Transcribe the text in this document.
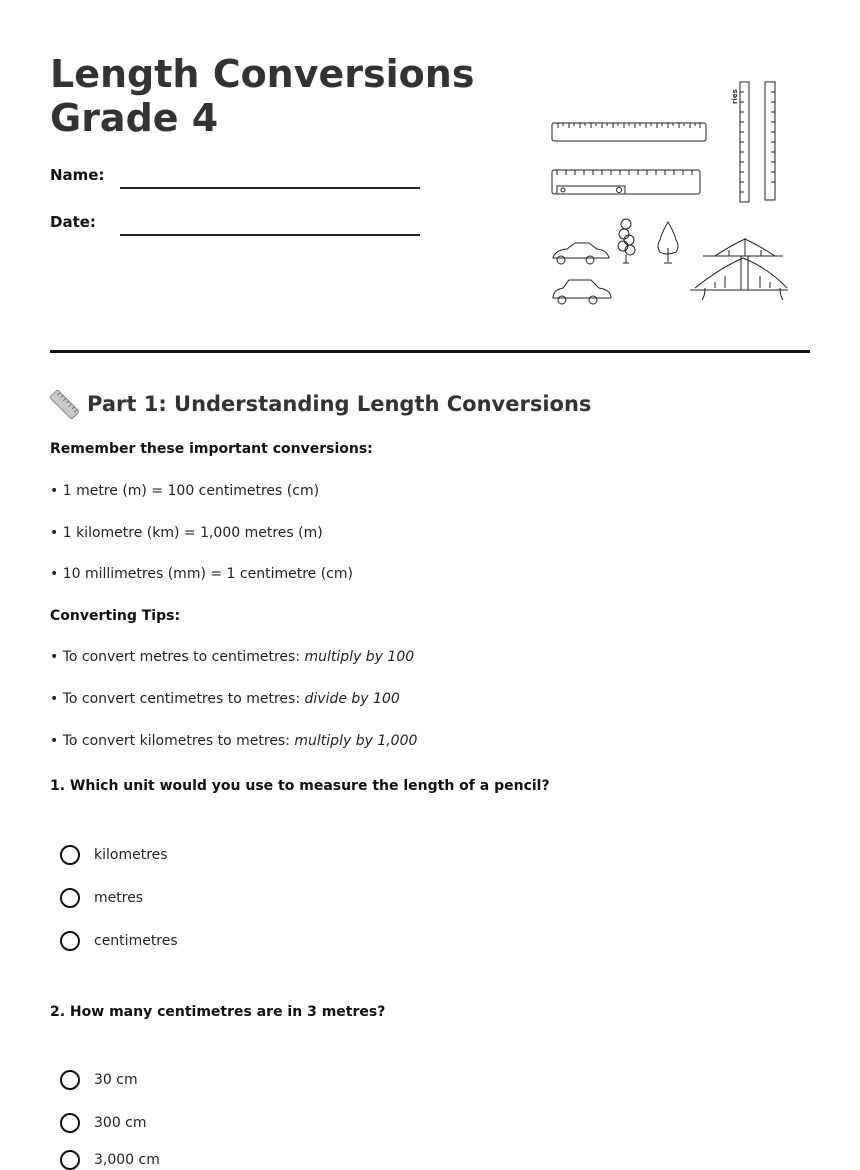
Length Conversions
Grade 4
Name:
Date:
ries
Part 1: Understanding Length Conversions
Remember these important conversions:
• 1 metre (m) = 100 centimetres (cm)
• 1 kilometre (km) = 1,000 metres (m)
• 10 millimetres (mm) = 1 centimetre (cm)
Converting Tips:
• To convert metres to centimetres: multiply by 100
• To convert centimetres to metres: divide by 100
• To convert kilometres to metres: multiply by 1,000
1. Which unit would you use to measure the length of a pencil?
kilometres
metres
centimetres
2. How many centimetres are in 3 metres?
30 cm
300 cm
3,000 cm
